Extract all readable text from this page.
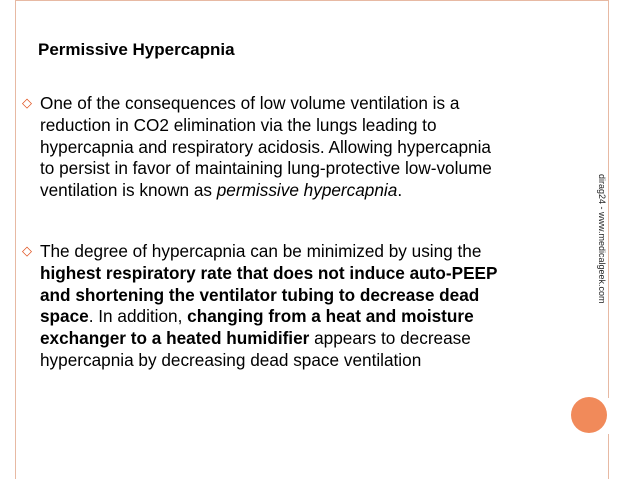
Permissive Hypercapnia
◇ One of the consequences of low volume ventilation is a
reduction in CO2 elimination via the lungs leading to
hypercapnia and respiratory acidosis. Allowing hypercapnia
to persist in favor of maintaining lung-protective low-volume
ventilation is known as permissive hypercapnia.
◇ The degree of hypercapnia can be minimized by using the
highest respiratory rate that does not induce auto-PEEP
and shortening the ventilator tubing to decrease dead
space. In addition, changing from a heat and moisture
exchanger to a heated humidifier appears to decrease
hypercapnia by decreasing dead space ventilation
dirag24 - www.medicalgeek.com
